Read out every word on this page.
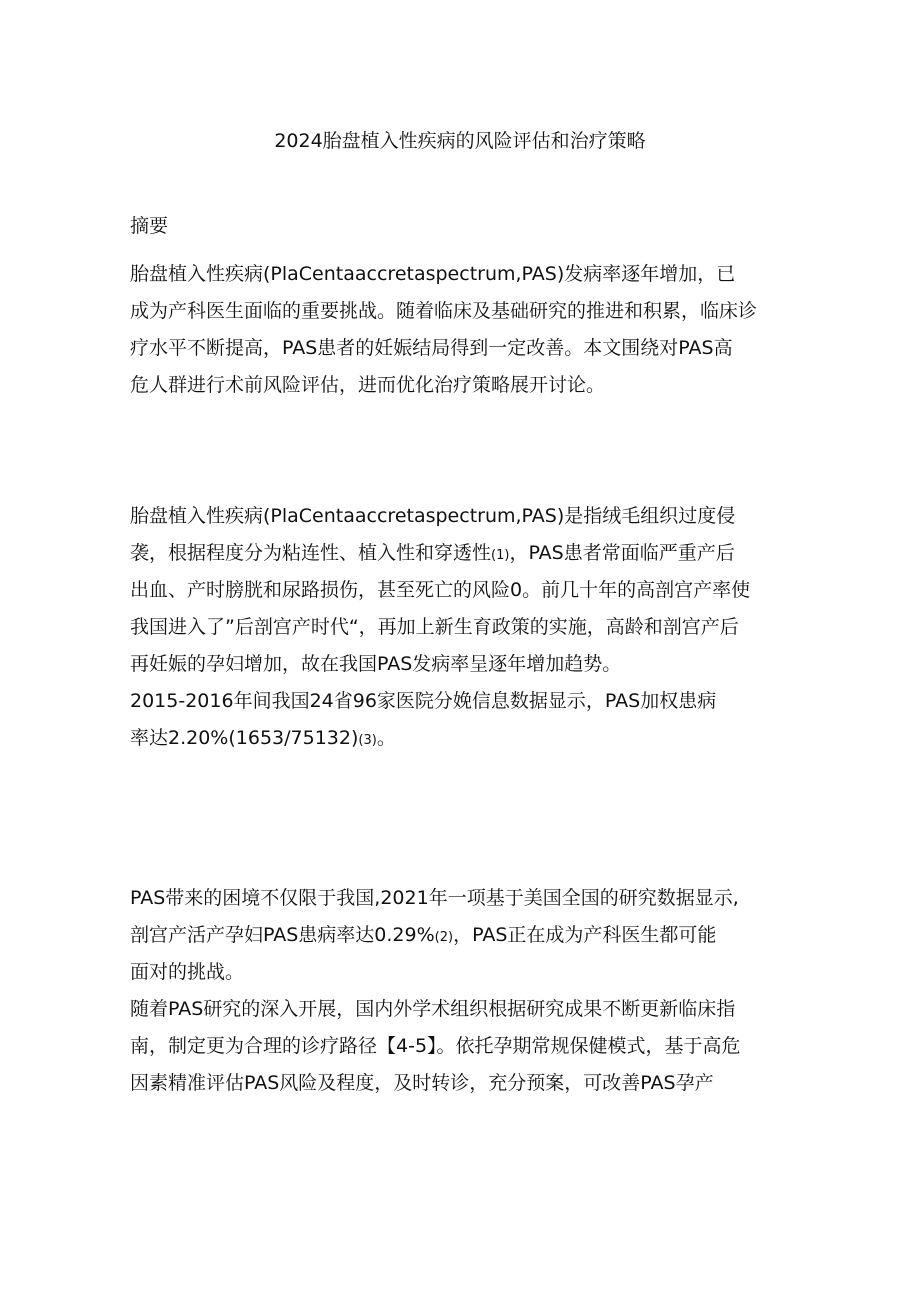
2024胎盘植入性疾病的风险评估和治疗策略
摘要
胎盘植入性疾病(PlaCentaaccretaspectrum,PAS)发病率逐年增加，已
成为产科医生面临的重要挑战。随着临床及基础研究的推进和积累，临床诊
疗水平不断提高，PAS患者的妊娠结局得到一定改善。本文围绕对PAS高
危人群进行术前风险评估，进而优化治疗策略展开讨论。
胎盘植入性疾病(PlaCentaaccretaspectrum,PAS)是指绒毛组织过度侵
袭，根据程度分为粘连性、植入性和穿透性(1)，PAS患者常面临严重产后
出血、产时膀胱和尿路损伤，甚至死亡的风险0。前几十年的高剖宫产率使
我国进入了”后剖宫产时代“，再加上新生育政策的实施，高龄和剖宫产后
再妊娠的孕妇增加，故在我国PAS发病率呈逐年增加趋势。
2015-2016年间我国24省96家医院分娩信息数据显示，PAS加权患病
率达2.20%(1653/75132)(3)。
PAS带来的困境不仅限于我国,2021年一项基于美国全国的研究数据显示,
剖宫产活产孕妇PAS患病率达0.29%(2)，PAS正在成为产科医生都可能
面对的挑战。
随着PAS研究的深入开展，国内外学术组织根据研究成果不断更新临床指
南，制定更为合理的诊疗路径【4-5】。依托孕期常规保健模式，基于高危
因素精准评估PAS风险及程度，及时转诊，充分预案，可改善PAS孕产
